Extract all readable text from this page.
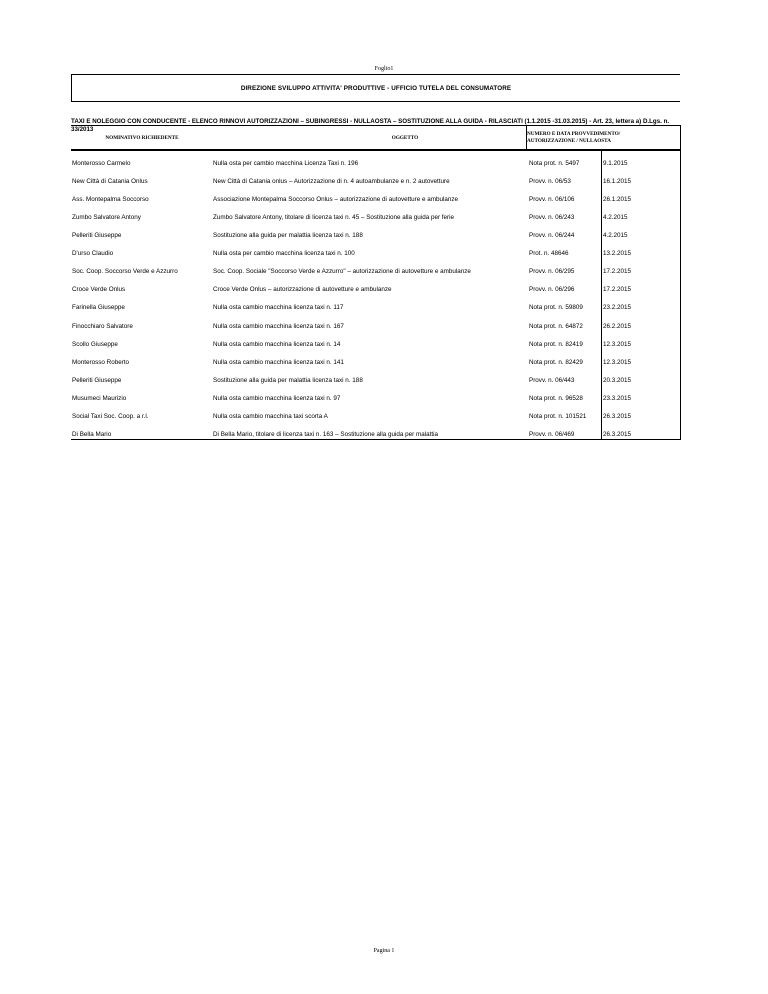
Foglio1
DIREZIONE SVILUPPO ATTIVITA' PRODUTTIVE - UFFICIO TUTELA DEL CONSUMATORE
TAXI E NOLEGGIO CON CONDUCENTE - ELENCO RINNOVI AUTORIZZAZIONI – SUBINGRESSI - NULLAOSTA – SOSTITUZIONE ALLA GUIDA - RILASCIATI (1.1.2015 -31.03.2015) - Art. 23, lettera a) D.Lgs. n. 33/2013
NOMINATIVO RICHIEDENTE	OGGETTO
NUMERO E DATA PROVVEDIMENTO/
AUTORIZZAZIONE / NULLAOSTA
Monterosso Carmelo	Nulla osta per cambio macchina Licenza Taxi n. 196	Nota prot. n. 5497	9.1.2015
New Città di Catania Onlus	New Città di Catania onlus – Autorizzazione di n. 4 autoambulanze e n. 2 autovetture	Provv. n. 06/53	16.1.2015
Ass. Montepalma Soccorso	Associazione Montepalma Soccorso Onlus – autorizzazione di autovetture e ambulanze	Provv. n. 06/106	26.1.2015
Zumbo Salvatore Antony	Zumbo Salvatore Antony, titolare di licenza taxi n. 45 – Sostituzione alla guida per ferie	Provv. n. 06/243	4.2.2015
Pelleriti Giuseppe	Sostituzione alla guida per malattia licenza taxi n. 188	Provv. n. 06/244	4.2.2015
D'urso Claudio	Nulla osta per cambio macchina licenza taxi n. 100	Prot. n. 48646	13.2.2015
Soc. Coop. Soccorso Verde e Azzurro	Soc. Coop. Sociale "Soccorso Verde e Azzurro" – autorizzazione di autovetture e ambulanze	Provv. n. 06/295	17.2.2015
Croce Verde Onlus	Croce Verde Onlus – autorizzazione di autovetture e ambulanze	Provv. n. 06/296	17.2.2015
Farinella Giuseppe	Nulla osta cambio macchina licenza taxi n. 117	Nota prot. n. 59809	23.2.2015
Finocchiaro Salvatore	Nulla osta cambio macchina licenza taxi n. 167	Nota prot. n. 64872	26.2.2015
Scollo Giuseppe	Nulla osta cambio macchina licenza taxi n. 14	Nota prot. n. 82419	12.3.2015
Monterosso Roberto	Nulla osta cambio macchina licenza taxi n. 141	Nota prot. n. 82429	12.3.2015
Pelleriti Giuseppe	Sostituzione alla guida per malattia licenza taxi n. 188	Provv. n. 06/443	20.3.2015
Musumeci Maurizio	Nulla osta cambio macchina licenza taxi n. 97	Nota prot. n. 96528	23.3.2015
Social Taxi Soc. Coop. a r.l.	Nulla osta cambio macchina taxi scorta A	Nota prot. n. 101521	26.3.2015
Di Bella Mario	Di Bella Mario, titolare di licenza taxi n. 163 – Sostituzione alla guida per malattia	Provv. n. 06/469	26.3.2015
Pagina 1
